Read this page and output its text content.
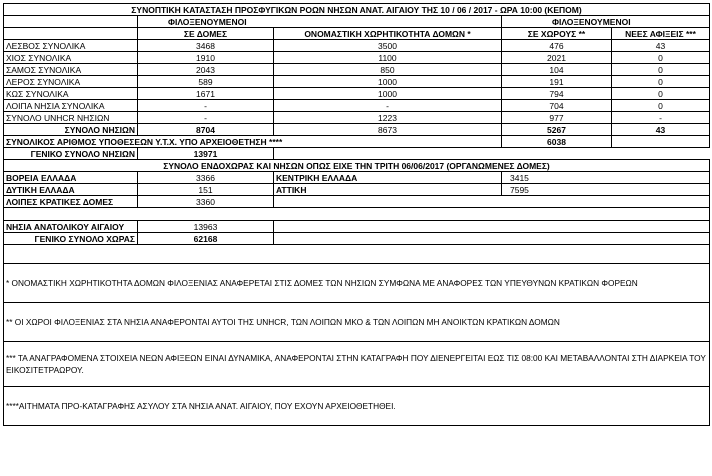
ΣΥΝΟΠΤΙΚΗ ΚΑΤΑΣΤΑΣΗ ΠΡΟΣΦΥΓΙΚΩΝ ΡΟΩΝ ΝΗΣΩΝ ΑΝΑΤ. ΑΙΓΑΙΟΥ ΤΗΣ 10 / 06 / 2017 - ΩΡΑ 10:00 (ΚΕΠΟΜ)				
	ΦΙΛΟΞΕΝΟΥΜΕΝΟΙ		ΦΙΛΟΞΕΝΟΥΜΕΝΟΙ	
	ΣΕ ΔΟΜΕΣ	ΟΝΟΜΑΣΤΙΚΗ ΧΩΡΗΤΙΚΟΤΗΤΑ ΔΟΜΩΝ *	ΣΕ ΧΩΡΟΥΣ **	ΝΕΕΣ ΑΦΙΞΕΙΣ ***
ΛΕΣΒΟΣ ΣΥΝΟΛΙΚΑ	3468	3500	476	43
ΧΙΟΣ ΣΥΝΟΛΙΚΑ	1910	1100	2021	0
ΣΑΜΟΣ ΣΥΝΟΛΙΚΑ	2043	850	104	0
ΛΕΡΟΣ ΣΥΝΟΛΙΚΑ	589	1000	191	0
ΚΩΣ ΣΥΝΟΛΙΚΑ	1671	1000	794	0
ΛΟΙΠΑ ΝΗΣΙΑ ΣΥΝΟΛΙΚΑ	-	-	704	0
ΣΥΝΟΛΟ UNHCR ΝΗΣΙΩΝ	-	1223	977	-
ΣΥΝΟΛΟ ΝΗΣΙΩΝ	8704	8673	5267	43
ΣΥΝΟΛΙΚΟΣ ΑΡΙΘΜΟΣ ΥΠΟΘΕΣΕΩΝ Υ.Τ.Χ. ΥΠΟ ΑΡΧΕΙΟΘΕΤΗΣΗ ****			6038	
ΓΕΝΙΚΟ ΣΥΝΟΛΟ ΝΗΣΙΩΝ	13971			
ΣΥΝΟΛΟ ΕΝΔΟΧΩΡΑΣ ΚΑΙ ΝΗΣΩΝ ΟΠΩΣ ΕΙΧΕ ΤΗΝ ΤΡΙΤΗ 06/06/2017 (ΟΡΓΑΝΩΜΕΝΕΣ ΔΟΜΕΣ)				
ΒΟΡΕΙΑ ΕΛΛΑΔΑ	3366	ΚΕΝΤΡΙΚΗ ΕΛΛΑΔΑ	3415	
ΔΥΤΙΚΗ ΕΛΛΑΔΑ	151	ΑΤΤΙΚΗ	7595	
ΛΟΙΠΕΣ ΚΡΑΤΙΚΕΣ ΔΟΜΕΣ	3360			

ΝΗΣΙΑ ΑΝΑΤΟΛΙΚΟΥ ΑΙΓΑΙΟΥ	13963			
ΓΕΝΙΚΟ ΣΥΝΟΛΟ ΧΩΡΑΣ	62168			

* ΟΝΟΜΑΣΤΙΚΗ ΧΩΡΗΤΙΚΟΤΗΤΑ ΔΟΜΩΝ ΦΙΛΟΞΕΝΙΑΣ ΑΝΑΦΕΡΕΤΑΙ ΣΤΙΣ ΔΟΜΕΣ ΤΩΝ ΝΗΣΙΩΝ ΣΥΜΦΩΝΑ ΜΕ ΑΝΑΦΟΡΕΣ ΤΩΝ ΥΠΕΥΘΥΝΩΝ ΚΡΑΤΙΚΩΝ ΦΟΡΕΩΝ				
** ΟΙ ΧΩΡΟΙ ΦΙΛΟΞΕΝΙΑΣ ΣΤΑ ΝΗΣΙΑ ΑΝΑΦΕΡΟΝΤΑΙ ΑΥΤΟΙ ΤΗΣ UNHCR, ΤΩΝ ΛΟΙΠΩΝ ΜΚΟ & ΤΩΝ ΛΟΙΠΩΝ ΜΗ ΑΝΟΙΚΤΩΝ ΚΡΑΤΙΚΩΝ ΔΟΜΩΝ				
*** ΤΑ ΑΝΑΓΡΑΦΟΜΕΝΑ ΣΤΟΙΧΕΙΑ ΝΕΩΝ ΑΦΙΞΕΩΝ ΕΙΝΑΙ ΔΥΝΑΜΙΚΑ, ΑΝΑΦΕΡΟΝΤΑΙ ΣΤΗΝ ΚΑΤΑΓΡΑΦΗ ΠΟΥ ΔΙΕΝΕΡΓΕΙΤΑΙ ΕΩΣ ΤΙΣ 08:00 ΚΑΙ ΜΕΤΑΒΑΛΛΟΝΤΑΙ ΣΤΗ ΔΙΑΡΚΕΙΑ ΤΟΥ ΕΙΚΟΣΙΤΕΤΡΑΩΡΟΥ.				
****ΑΙΤΗΜΑΤΑ ΠΡΟ-ΚΑΤΑΓΡΑΦΗΣ ΑΣΥΛΟΥ ΣΤΑ ΝΗΣΙΑ ΑΝΑΤ. ΑΙΓΑΙΟΥ, ΠΟΥ ΕΧΟΥΝ ΑΡΧΕΙΟΘΕΤΗΘΕΙ.				
